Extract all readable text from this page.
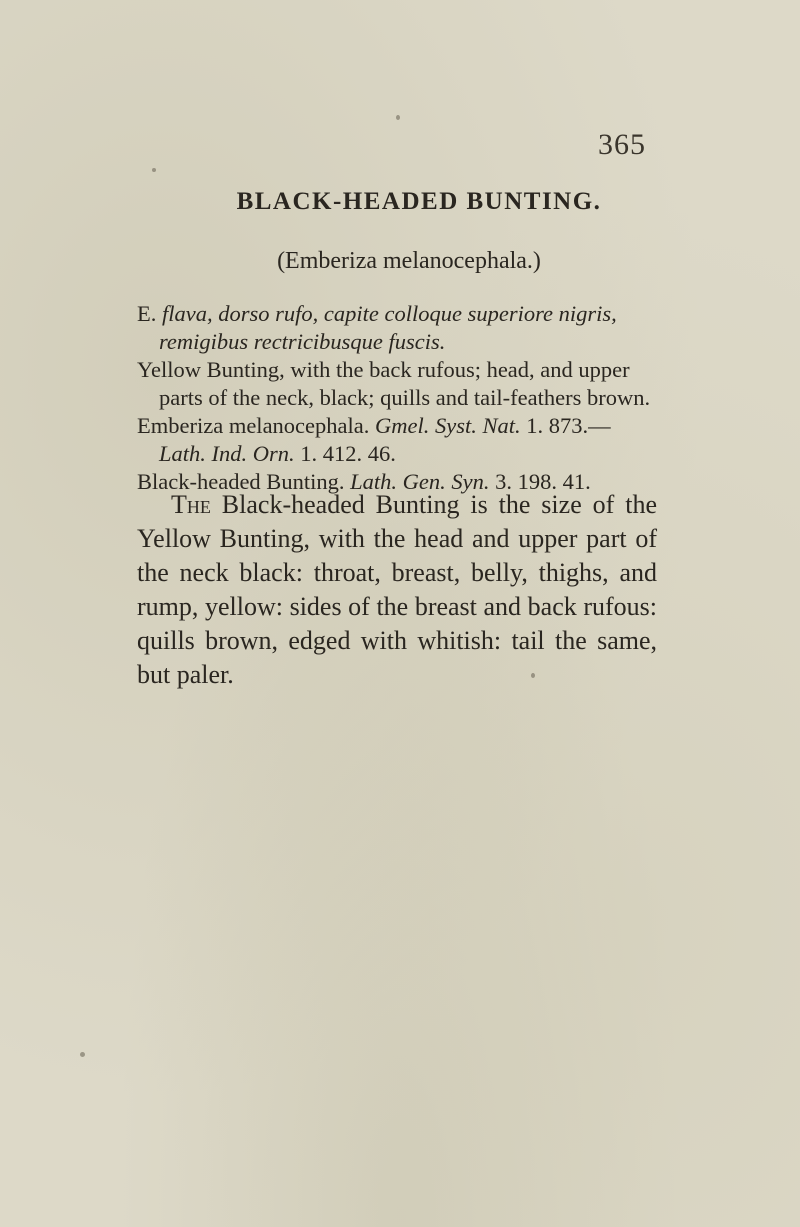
365
BLACK-HEADED BUNTING.
(Emberiza melanocephala.)

E. flava, dorso rufo, capite colloque superiore nigris, remigibus rectricibusque fuscis.

Yellow Bunting, with the back rufous; head, and upper parts of the neck, black; quills and tail-feathers brown.

Emberiza melanocephala. Gmel. Syst. Nat. 1. 873.—Lath. Ind. Orn. 1. 412. 46.

Black-headed Bunting. Lath. Gen. Syn. 3. 198. 41.

The Black-headed Bunting is the size of the Yellow Bunting, with the head and upper part of the neck black: throat, breast, belly, thighs, and rump, yellow: sides of the breast and back rufous: quills brown, edged with whitish: tail the same, but paler.
